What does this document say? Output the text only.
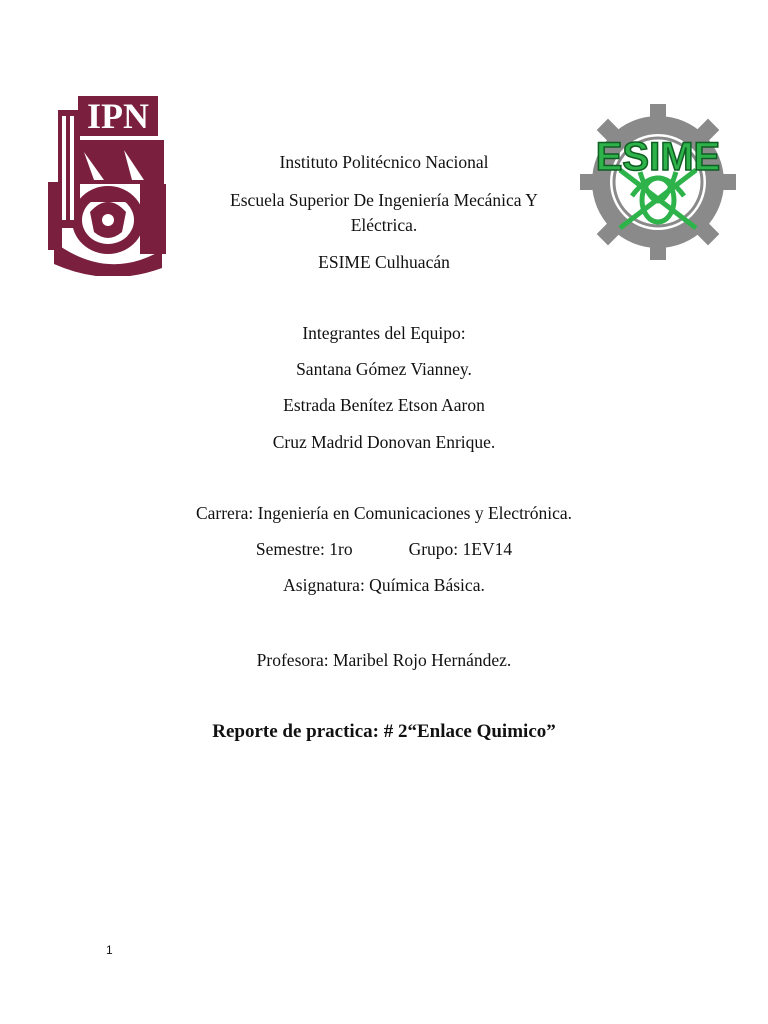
IPN
ESIME
Instituto Politécnico Nacional
Escuela Superior De Ingeniería Mecánica Y
Eléctrica.
ESIME Culhuacán
Integrantes del Equipo:
Santana Gómez Vianney.
Estrada Benítez Etson Aaron
Cruz Madrid Donovan Enrique.
Carrera: Ingeniería en Comunicaciones y Electrónica.
Semestre: 1ro	Grupo: 1EV14
Asignatura: Química Básica.
Profesora: Maribel Rojo Hernández.
Reporte de practica: # 2“Enlace Quimico”
1
